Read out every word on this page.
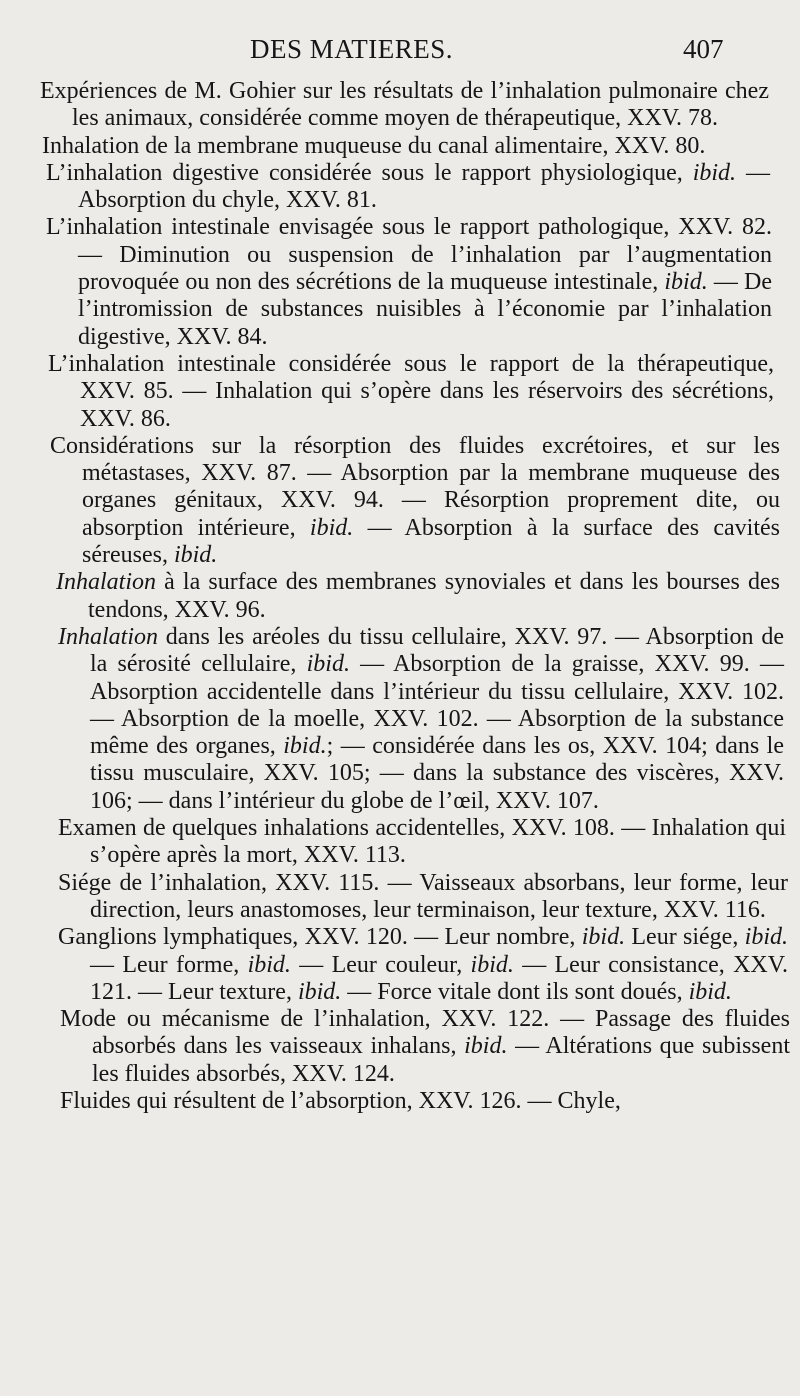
DES MATIERES.	407
Expériences de M. Gohier sur les résultats de l’inhalation pulmonaire chez les animaux, considérée comme moyen de thérapeutique, XXV. 78.
Inhalation de la membrane muqueuse du canal alimentaire, XXV. 80.
L’inhalation digestive considérée sous le rapport physiologique, ibid. — Absorption du chyle, XXV. 81.
L’inhalation intestinale envisagée sous le rapport pathologique, XXV. 82. — Diminution ou suspension de l’inhalation par l’augmentation provoquée ou non des sécrétions de la muqueuse intestinale, ibid. — De l’intromission de substances nuisibles à l’économie par l’inhalation digestive, XXV. 84.
L’inhalation intestinale considérée sous le rapport de la thérapeutique, XXV. 85. — Inhalation qui s’opère dans les réservoirs des sécrétions, XXV. 86.
Considérations sur la résorption des fluides excrétoires, et sur les métastases, XXV. 87. — Absorption par la membrane muqueuse des organes génitaux, XXV. 94. — Résorption proprement dite, ou absorption intérieure, ibid. — Absorption à la surface des cavités séreuses, ibid.
Inhalation à la surface des membranes synoviales et dans les bourses des tendons, XXV. 96.
Inhalation dans les aréoles du tissu cellulaire, XXV. 97. — Absorption de la sérosité cellulaire, ibid. — Absorption de la graisse, XXV. 99. — Absorption accidentelle dans l’intérieur du tissu cellulaire, XXV. 102. — Absorption de la moelle, XXV. 102. — Absorption de la substance même des organes, ibid.; — considérée dans les os, XXV. 104; dans le tissu musculaire, XXV. 105; — dans la substance des viscères, XXV. 106; — dans l’intérieur du globe de l’œil, XXV. 107.
Examen de quelques inhalations accidentelles, XXV. 108. — Inhalation qui s’opère après la mort, XXV. 113.
Siége de l’inhalation, XXV. 115. — Vaisseaux absorbans, leur forme, leur direction, leurs anastomoses, leur terminaison, leur texture, XXV. 116.
Ganglions lymphatiques, XXV. 120. — Leur nombre, ibid. Leur siége, ibid. — Leur forme, ibid. — Leur couleur, ibid. — Leur consistance, XXV. 121. — Leur texture, ibid. — Force vitale dont ils sont doués, ibid.
Mode ou mécanisme de l’inhalation, XXV. 122. — Passage des fluides absorbés dans les vaisseaux inhalans, ibid. — Altérations que subissent les fluides absorbés, XXV. 124.
Fluides qui résultent de l’absorption, XXV. 126. — Chyle,
